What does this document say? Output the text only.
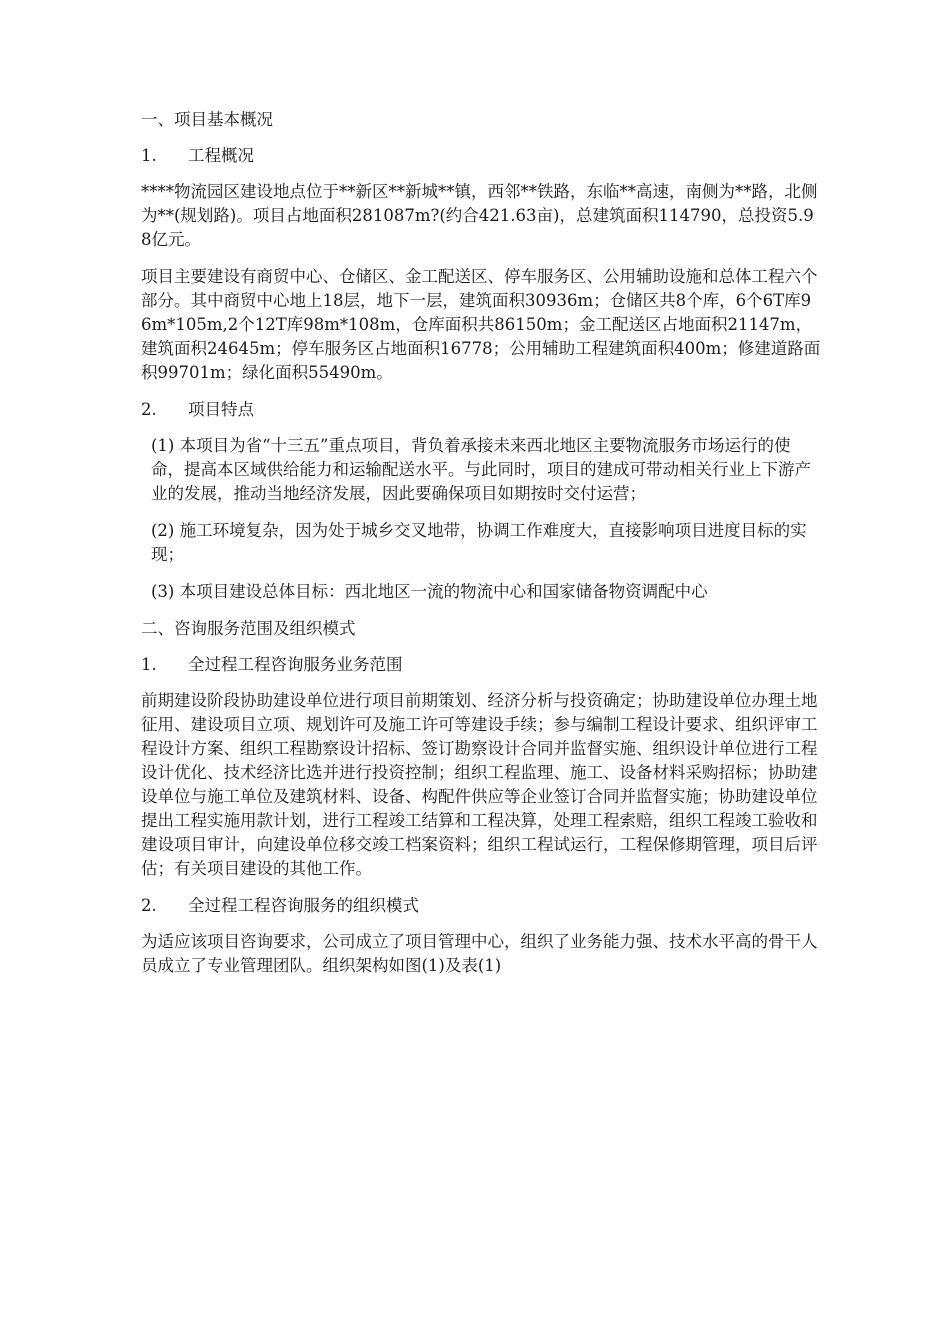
一、项目基本概况
1.	工程概况
****物流园区建设地点位于**新区**新城**镇，西邻**铁路，东临**高速，南侧为**路，北侧为**(规划路)。项目占地面积281087m?(约合421.63亩)，总建筑面积114790，总投资5.98亿元。
项目主要建设有商贸中心、仓储区、金工配送区、停车服务区、公用辅助设施和总体工程六个部分。其中商贸中心地上18层，地下一层，建筑面积30936m；仓储区共8个库，6个6T库96m*105m,2个12T库98m*108m，仓库面积共86150m；金工配送区占地面积21147m，建筑面积24645m；停车服务区占地面积16778；公用辅助工程建筑面积400m；修建道路面积99701m；绿化面积55490m。
2.	项目特点
(1) 本项目为省“十三五”重点项目，背负着承接未来西北地区主要物流服务市场运行的使命，提高本区域供给能力和运输配送水平。与此同时，项目的建成可带动相关行业上下游产业的发展，推动当地经济发展，因此要确保项目如期按时交付运营；
(2) 施工环境复杂，因为处于城乡交叉地带，协调工作难度大，直接影响项目进度目标的实现；
(3) 本项目建设总体目标：西北地区一流的物流中心和国家储备物资调配中心
二、咨询服务范围及组织模式
1.	全过程工程咨询服务业务范围
前期建设阶段协助建设单位进行项目前期策划、经济分析与投资确定；协助建设单位办理土地征用、建设项目立项、规划许可及施工许可等建设手续；参与编制工程设计要求、组织评审工程设计方案、组织工程勘察设计招标、签订勘察设计合同并监督实施、组织设计单位进行工程设计优化、技术经济比选并进行投资控制；组织工程监理、施工、设备材料采购招标；协助建设单位与施工单位及建筑材料、设备、构配件供应等企业签订合同并监督实施；协助建设单位提出工程实施用款计划，进行工程竣工结算和工程决算，处理工程索赔，组织工程竣工验收和建设项目审计，向建设单位移交竣工档案资料；组织工程试运行，工程保修期管理，项目后评估；有关项目建设的其他工作。
2.	全过程工程咨询服务的组织模式
为适应该项目咨询要求，公司成立了项目管理中心，组织了业务能力强、技术水平高的骨干人员成立了专业管理团队。组织架构如图(1)及表(1)
